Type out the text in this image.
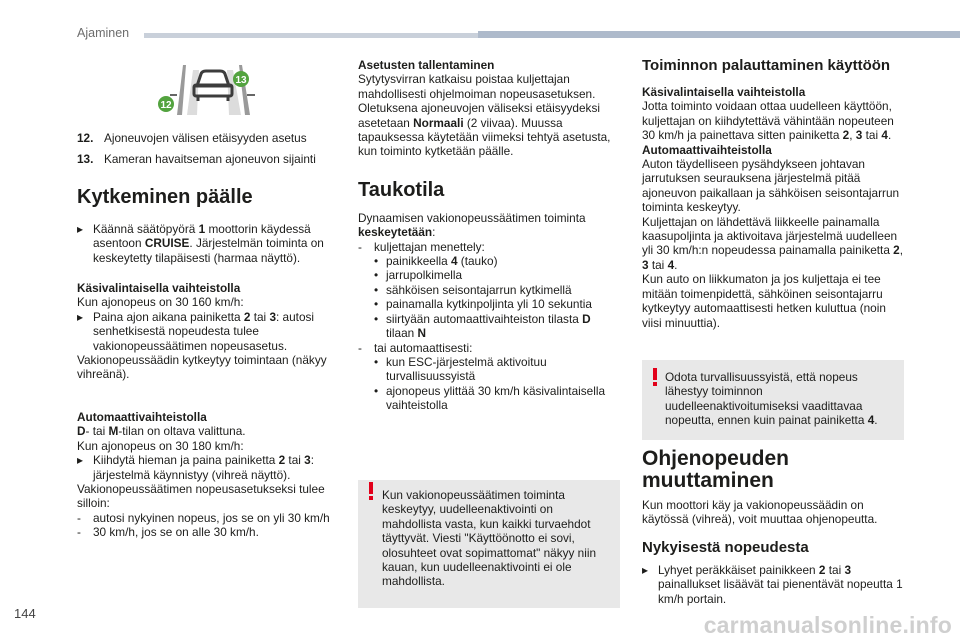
Ajaminen
12
13
12. Ajoneuvojen välisen etäisyyden asetus
13. Kameran havaitseman ajoneuvon sijainti
Kytkeminen päälle
▸ Käännä säätöpyörä 1 moottorin käydessä asentoon CRUISE. Järjestelmän toiminta on keskeytetty tilapäisesti (harmaa näyttö).

Käsivalintaisella vaihteistolla

Kun ajonopeus on 30 160 km/h:

▸ Paina ajon aikana painiketta 2 tai 3: autosi senhetkisestä nopeudesta tulee vakionopeussäätimen nopeusasetus.

Vakionopeussäädin kytkeytyy toimintaan (näkyy vihreänä).

Automaattivaihteistolla

D- tai M-tilan on oltava valittuna.

Kun ajonopeus on 30 180 km/h:

▸ Kiihdytä hieman ja paina painiketta 2 tai 3: järjestelmä käynnistyy (vihreä näyttö).

Vakionopeussäätimen nopeusasetukseksi tulee silloin:

- autosi nykyinen nopeus, jos se on yli 30 km/h
- 30 km/h, jos se on alle 30 km/h.

Asetusten tallentaminen

Sytytysvirran katkaisu poistaa kuljettajan mahdollisesti ohjelmoiman nopeusasetuksen. Oletuksena ajoneuvojen väliseksi etäisyydeksi asetetaan Normaali (2 viivaa). Muussa tapauksessa käytetään viimeksi tehtyä asetusta, kun toiminto kytketään päälle.

Taukotila

Dynaamisen vakionopeussäätimen toiminta keskeytetään:

- kuljettajan menettely:
• painikkeella 4 (tauko)
• jarrupolkimella
• sähköisen seisontajarrun kytkimellä
• painamalla kytkinpoljinta yli 10 sekuntia
• siirtyään automaattivaihteiston tilasta D tilaan N
- tai automaattisesti:
• kun ESC-järjestelmä aktivoituu turvallisuussyistä
• ajonopeus ylittää 30 km/h käsivalintaisella vaihteistolla
Kun vakionopeussäätimen toiminta keskeytyy, uudelleenaktivointi on mahdollista vasta, kun kaikki turvaehdot täyttyvät. Viesti "Käyttöönotto ei sovi, olosuhteet ovat sopimattomat" näkyy niin kauan, kun uudelleenaktivointi ei ole mahdollista.
Toiminnon palauttaminen käyttöön

Käsivalintaisella vaihteistolla

Jotta toiminto voidaan ottaa uudelleen käyttöön, kuljettajan on kiihdytettävä vähintään nopeuteen 30 km/h ja painettava sitten painiketta 2, 3 tai 4.

Automaattivaihteistolla

Auton täydelliseen pysähdykseen johtavan jarrutuksen seurauksena järjestelmä pitää ajoneuvon paikallaan ja sähköisen seisontajarrun toiminta keskeytyy.

Kuljettajan on lähdettävä liikkeelle painamalla kaasupoljinta ja aktivoitava järjestelmä uudelleen yli 30 km/h:n nopeudessa painamalla painiketta 2, 3 tai 4.

Kun auto on liikkumaton ja jos kuljettaja ei tee mitään toimenpidettä, sähköinen seisontajarru kytkeytyy automaattisesti hetken kuluttua (noin viisi minuuttia).

Odota turvallisuussyistä, että nopeus lähestyy toiminnon uudelleenaktivoitumiseksi vaadittavaa nopeutta, ennen kuin painat painiketta 4.
Ohjenopeuden
muuttaminen

Kun moottori käy ja vakionopeussäädin on käytössä (vihreä), voit muuttaa ohjenopeutta.

Nykyisestä nopeudesta
▸ Lyhyet peräkkäiset painikkeen 2 tai 3 painallukset lisäävät tai pienentävät nopeutta 1 km/h portain.
144	carmanualsonline.info
